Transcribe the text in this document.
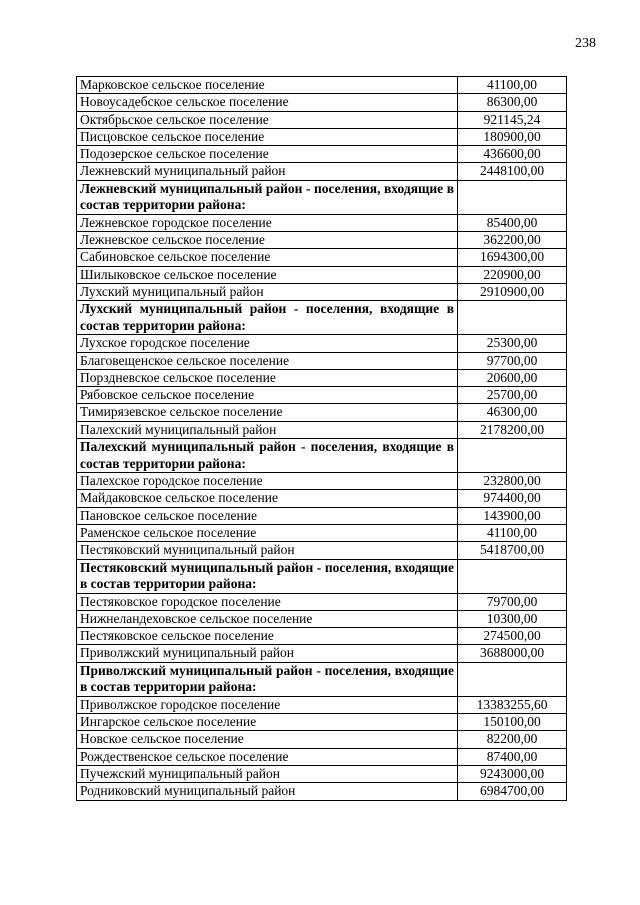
238
Марковское сельское поселение	41100,00
Новоусадебское сельское поселение	86300,00
Октябрьское сельское поселение	921145,24
Писцовское сельское поселение	180900,00
Подозерское сельское поселение	436600,00
Лежневский муниципальный район	2448100,00
Лежневский муниципальный район - поселения, входящие в состав территории района:	
Лежневское городское поселение	85400,00
Лежневское сельское поселение	362200,00
Сабиновское сельское поселение	1694300,00
Шилыковское сельское поселение	220900,00
Лухский муниципальный район	2910900,00
Лухский муниципальный район - поселения, входящие в состав территории района:	
Лухское городское поселение	25300,00
Благовещенское сельское поселение	97700,00
Порздневское сельское поселение	20600,00
Рябовское сельское поселение	25700,00
Тимирязевское сельское поселение	46300,00
Палехский муниципальный район	2178200,00
Палехский муниципальный район - поселения, входящие в состав территории района:	
Палехское городское поселение	232800,00
Майдаковское сельское поселение	974400,00
Пановское сельское поселение	143900,00
Раменское сельское поселение	41100,00
Пестяковский муниципальный район	5418700,00
Пестяковский муниципальный район - поселения, входящие в состав территории района:	
Пестяковское городское поселение	79700,00
Нижнеландеховское сельское поселение	10300,00
Пестяковское сельское поселение	274500,00
Приволжский муниципальный район	3688000,00
Приволжский муниципальный район - поселения, входящие в состав территории района:	
Приволжское городское поселение	13383255,60
Ингарское сельское поселение	150100,00
Новское сельское поселение	82200,00
Рождественское сельское поселение	87400,00
Пучежский муниципальный район	9243000,00
Родниковский муниципальный район	6984700,00
